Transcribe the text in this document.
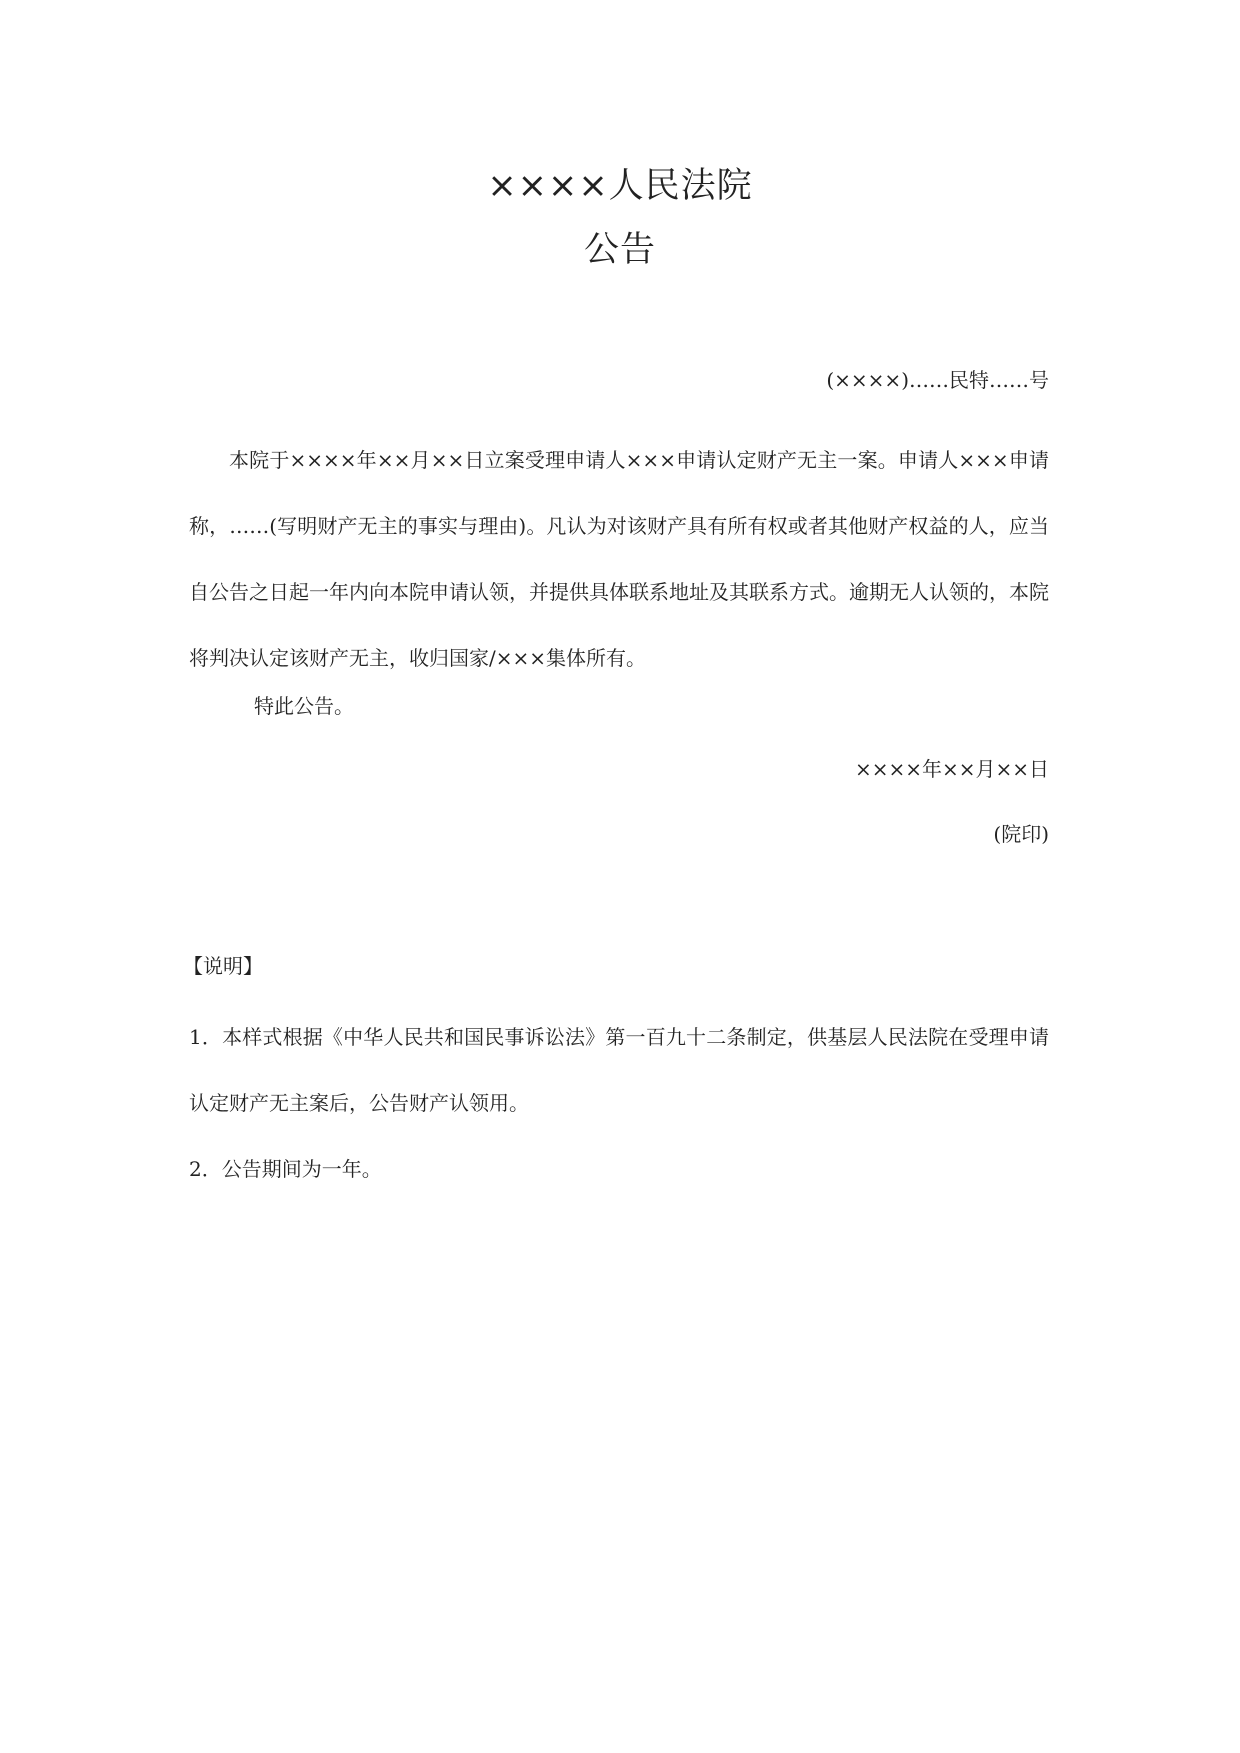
××××人民法院
公告
(××××)……民特……号

本院于××××年××月××日立案受理申请人×××申请认定财产无主一案。申请人×××申请称，……(写明财产无主的事实与理由)。凡认为对该财产具有所有权或者其他财产权益的人，应当自公告之日起一年内向本院申请认领，并提供具体联系地址及其联系方式。逾期无人认领的，本院将判决认定该财产无主，收归国家/×××集体所有。

特此公告。

××××年××月××日
(院印)

【说明】

1．本样式根据《中华人民共和国民事诉讼法》第一百九十二条制定，供基层人民法院在受理申请认定财产无主案后，公告财产认领用。
2．公告期间为一年。
